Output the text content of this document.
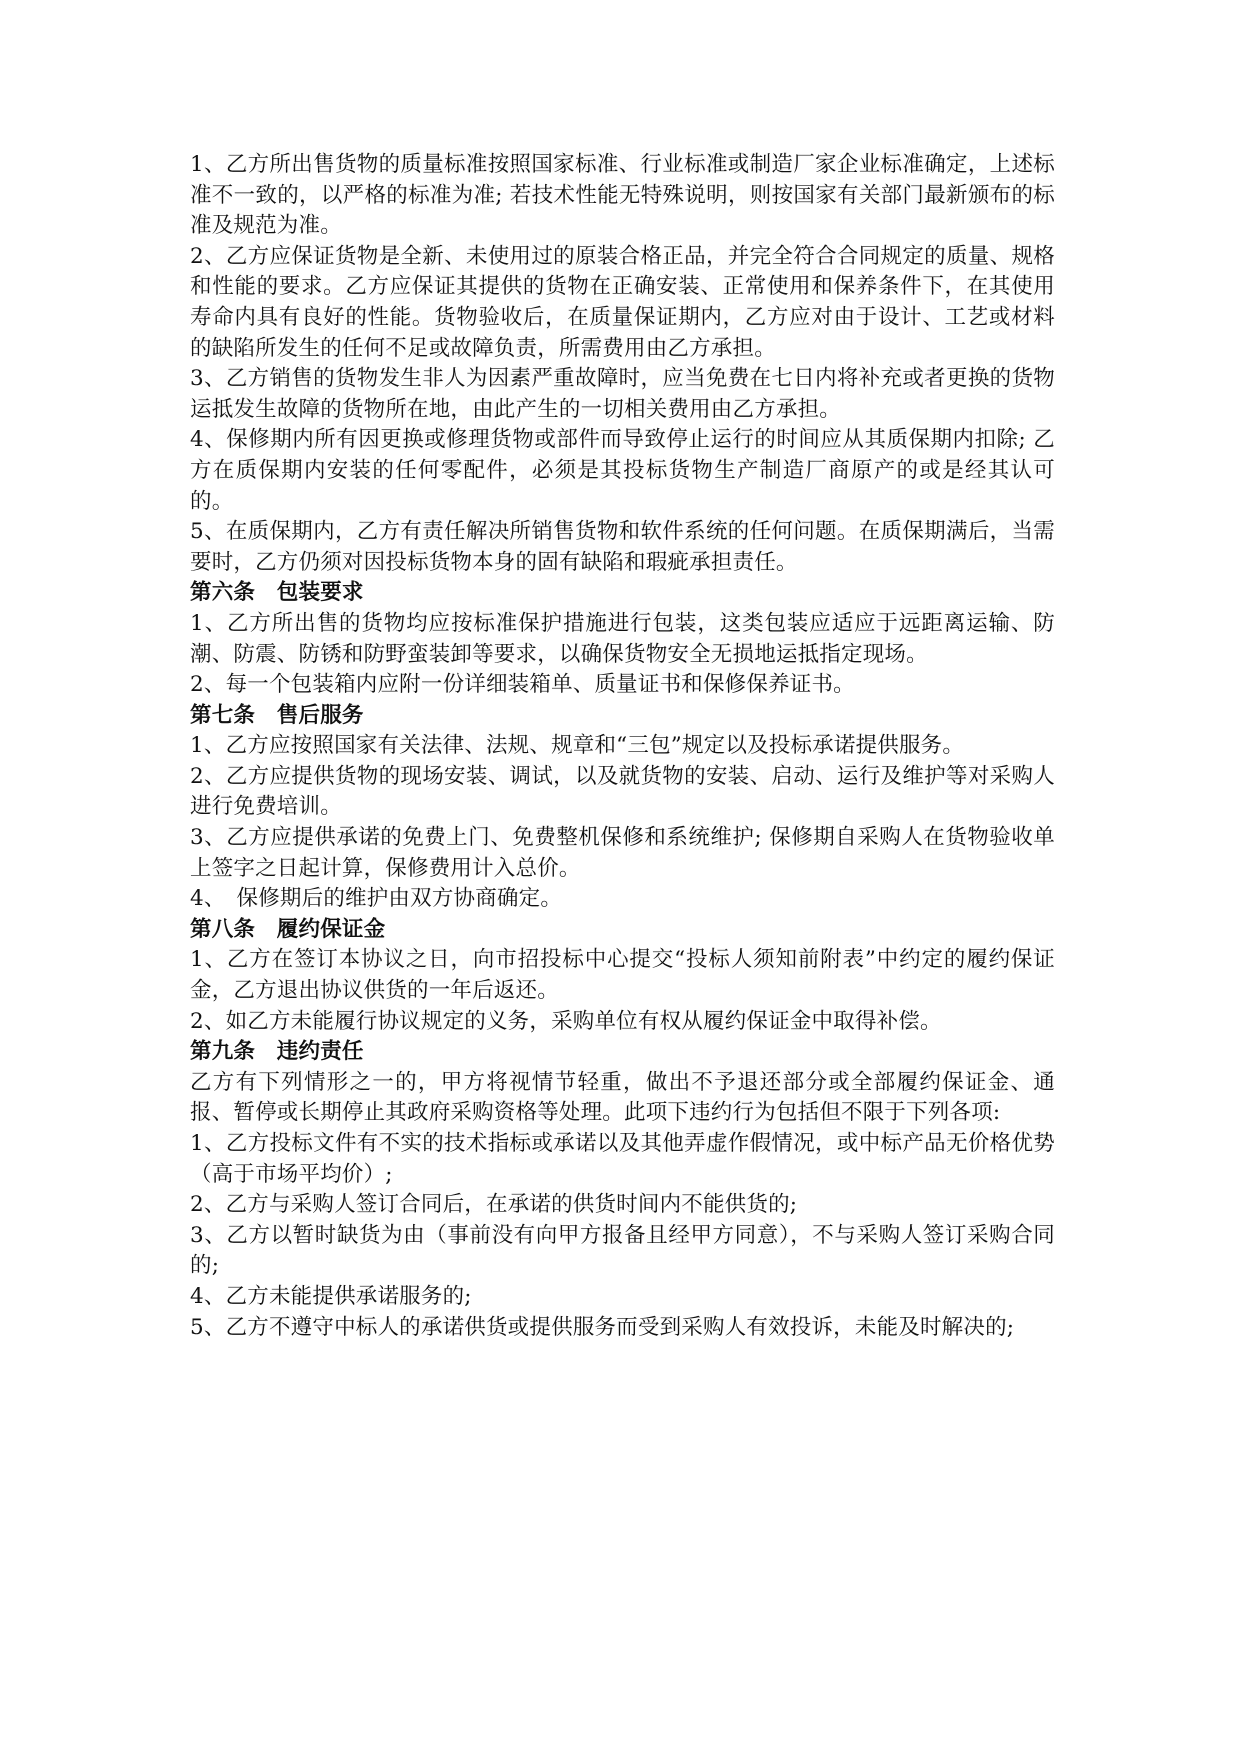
1、乙方所出售货物的质量标准按照国家标准、行业标准或制造厂家企业标准确定，上述标准不一致的，以严格的标准为准; 若技术性能无特殊说明，则按国家有关部门最新颁布的标准及规范为准。

2、乙方应保证货物是全新、未使用过的原装合格正品，并完全符合合同规定的质量、规格和性能的要求。乙方应保证其提供的货物在正确安装、正常使用和保养条件下，在其使用寿命内具有良好的性能。货物验收后，在质量保证期内，乙方应对由于设计、工艺或材料的缺陷所发生的任何不足或故障负责，所需费用由乙方承担。

3、乙方销售的货物发生非人为因素严重故障时，应当免费在七日内将补充或者更换的货物运抵发生故障的货物所在地，由此产生的一切相关费用由乙方承担。

4、保修期内所有因更换或修理货物或部件而导致停止运行的时间应从其质保期内扣除; 乙方在质保期内安装的任何零配件，必须是其投标货物生产制造厂商原产的或是经其认可的。

5、在质保期内，乙方有责任解决所销售货物和软件系统的任何问题。在质保期满后，当需要时，乙方仍须对因投标货物本身的固有缺陷和瑕疵承担责任。

第六条　包装要求

1、乙方所出售的货物均应按标准保护措施进行包装，这类包装应适应于远距离运输、防潮、防震、防锈和防野蛮装卸等要求，以确保货物安全无损地运抵指定现场。

2、每一个包装箱内应附一份详细装箱单、质量证书和保修保养证书。

第七条　售后服务

1、乙方应按照国家有关法律、法规、规章和“三包”规定以及投标承诺提供服务。

2、乙方应提供货物的现场安装、调试，以及就货物的安装、启动、运行及维护等对采购人进行免费培训。

3、乙方应提供承诺的免费上门、免费整机保修和系统维护; 保修期自采购人在货物验收单上签字之日起计算，保修费用计入总价。

4、　保修期后的维护由双方协商确定。

第八条　履约保证金

1、乙方在签订本协议之日，向市招投标中心提交“投标人须知前附表”中约定的履约保证金，乙方退出协议供货的一年后返还。

2、如乙方未能履行协议规定的义务，采购单位有权从履约保证金中取得补偿。

第九条　违约责任

乙方有下列情形之一的，甲方将视情节轻重，做出不予退还部分或全部履约保证金、通报、暂停或长期停止其政府采购资格等处理。此项下违约行为包括但不限于下列各项:

1、乙方投标文件有不实的技术指标或承诺以及其他弄虚作假情况，或中标产品无价格优势（高于市场平均价）;

2、乙方与采购人签订合同后，在承诺的供货时间内不能供货的;

3、乙方以暂时缺货为由（事前没有向甲方报备且经甲方同意），不与采购人签订采购合同的;

4、乙方未能提供承诺服务的;

5、乙方不遵守中标人的承诺供货或提供服务而受到采购人有效投诉，未能及时解决的;
